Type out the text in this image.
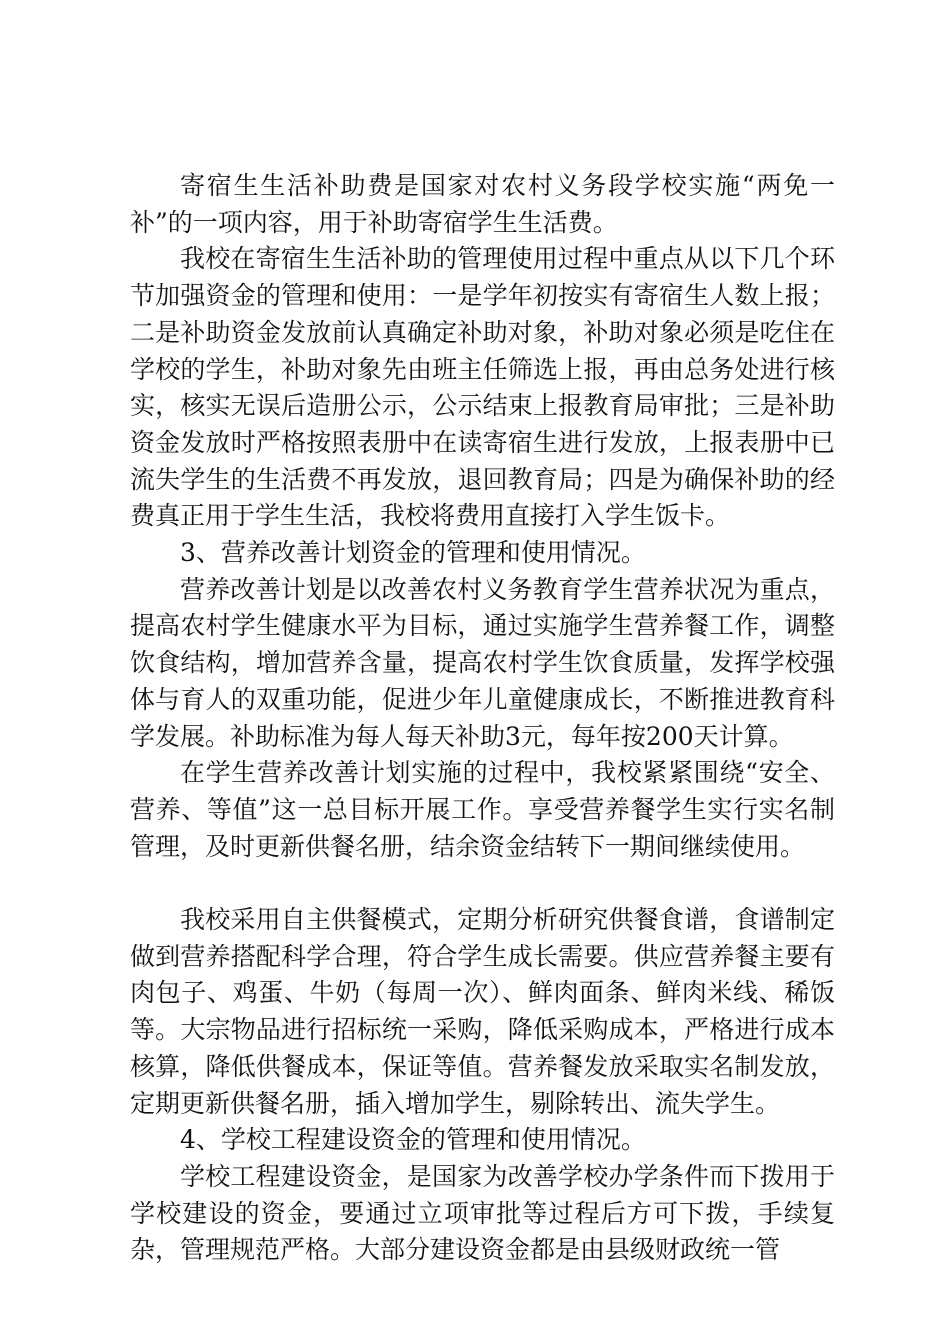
寄宿生生活补助费是国家对农村义务段学校实施“两免一补”的一项内容，用于补助寄宿学生生活费。

我校在寄宿生生活补助的管理使用过程中重点从以下几个环节加强资金的管理和使用：一是学年初按实有寄宿生人数上报；二是补助资金发放前认真确定补助对象，补助对象必须是吃住在学校的学生，补助对象先由班主任筛选上报，再由总务处进行核实，核实无误后造册公示，公示结束上报教育局审批；三是补助资金发放时严格按照表册中在读寄宿生进行发放，上报表册中已流失学生的生活费不再发放，退回教育局；四是为确保补助的经费真正用于学生生活，我校将费用直接打入学生饭卡。

3、营养改善计划资金的管理和使用情况。

营养改善计划是以改善农村义务教育学生营养状况为重点，提高农村学生健康水平为目标，通过实施学生营养餐工作，调整饮食结构，增加营养含量，提高农村学生饮食质量，发挥学校强体与育人的双重功能，促进少年儿童健康成长，不断推进教育科学发展。补助标准为每人每天补助3元，每年按200天计算。

在学生营养改善计划实施的过程中，我校紧紧围绕“安全、营养、等值”这一总目标开展工作。享受营养餐学生实行实名制管理，及时更新供餐名册，结余资金结转下一期间继续使用。

我校采用自主供餐模式，定期分析研究供餐食谱，食谱制定做到营养搭配科学合理，符合学生成长需要。供应营养餐主要有肉包子、鸡蛋、牛奶（每周一次）、鲜肉面条、鲜肉米线、稀饭等。大宗物品进行招标统一采购，降低采购成本，严格进行成本核算，降低供餐成本，保证等值。营养餐发放采取实名制发放，定期更新供餐名册，插入增加学生，剔除转出、流失学生。

4、学校工程建设资金的管理和使用情况。

学校工程建设资金，是国家为改善学校办学条件而下拨用于学校建设的资金，要通过立项审批等过程后方可下拨，手续复杂，管理规范严格。大部分建设资金都是由县级财政统一管
